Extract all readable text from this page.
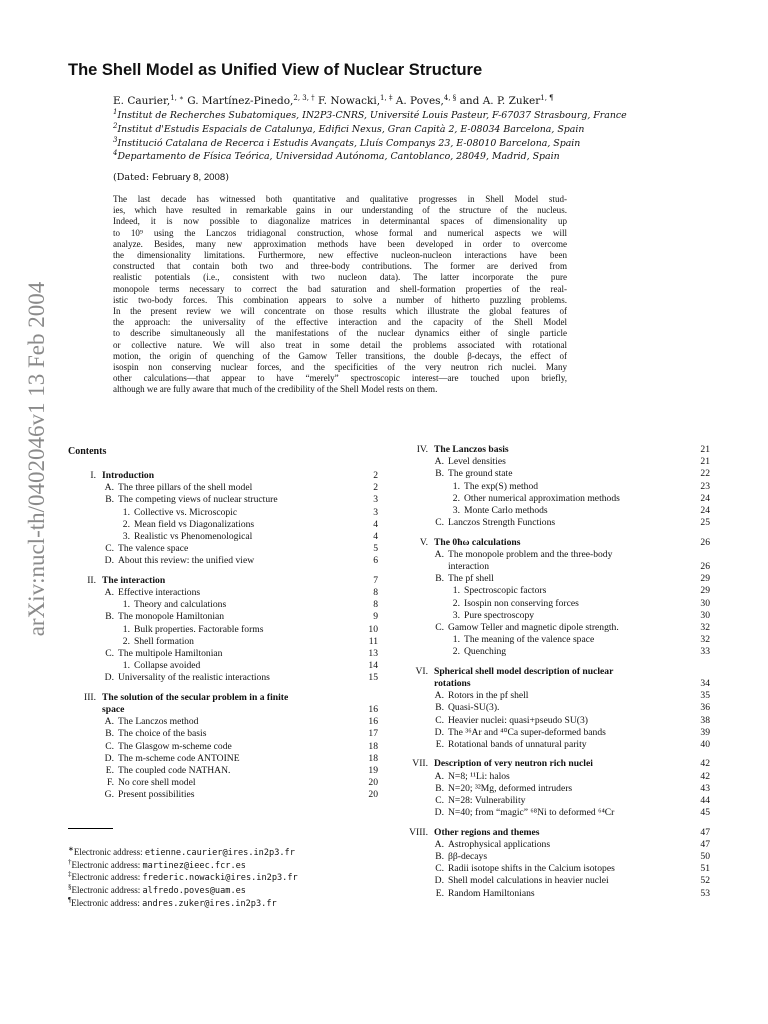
arXiv:nucl-th/0402046v1 13 Feb 2004
The Shell Model as Unified View of Nuclear Structure
E. Caurier,$^{1, ∗}$ G. Martínez-Pinedo,$^{2, 3, \dagger}$ F. Nowacki,$^{1, \ddagger}$ A. Poves,$^{4, \S}$ and A. P. Zuker$^{1, \P}$
$^1$Institut de Recherches Subatomiques, IN2P3-CNRS, Université Louis Pasteur, F-67037 Strasbourg, France
$^2$Institut d'Estudis Espacials de Catalunya, Edifici Nexus, Gran Capità 2, E-08034 Barcelona, Spain
$^3$Institució Catalana de Recerca i Estudis Avançats, Lluís Companys 23, E-08010 Barcelona, Spain
$^4$Departamento de Física Teórica, Universidad Autónoma, Cantoblanco, 28049, Madrid, Spain
(Dated: February 8, 2008)
The last decade has witnessed both quantitative and qualitative progresses in Shell Model stud-
ies, which have resulted in remarkable gains in our understanding of the structure of the nucleus.
Indeed, it is now possible to diagonalize matrices in determinantal spaces of dimensionality up
to 10⁹ using the Lanczos tridiagonal construction, whose formal and numerical aspects we will
analyze. Besides, many new approximation methods have been developed in order to overcome
the dimensionality limitations. Furthermore, new effective nucleon-nucleon interactions have been
constructed that contain both two and three-body contributions. The former are derived from
realistic potentials (i.e., consistent with two nucleon data). The latter incorporate the pure
monopole terms necessary to correct the bad saturation and shell-formation properties of the real-
istic two-body forces. This combination appears to solve a number of hitherto puzzling problems.
In the present review we will concentrate on those results which illustrate the global features of
the approach: the universality of the effective interaction and the capacity of the Shell Model
to describe simultaneously all the manifestations of the nuclear dynamics either of single particle
or collective nature. We will also treat in some detail the problems associated with rotational
motion, the origin of quenching of the Gamow Teller transitions, the double β-decays, the effect of
isospin non conserving nuclear forces, and the specificities of the very neutron rich nuclei. Many
other calculations—that appear to have “merely” spectroscopic interest—are touched upon briefly,
although we are fully aware that much of the credibility of the Shell Model rests on them.
Contents
I. Introduction	2
A. The three pillars of the shell model	2
B. The competing views of nuclear structure	3
1. Collective vs. Microscopic	3
2. Mean field vs Diagonalizations	4
3. Realistic vs Phenomenological	4
C. The valence space	5
D. About this review: the unified view	6
II. The interaction	7
A. Effective interactions	8
1. Theory and calculations	8
B. The monopole Hamiltonian	9
1. Bulk properties. Factorable forms	10
2. Shell formation	11
C. The multipole Hamiltonian	13
1. Collapse avoided	14
D. Universality of the realistic interactions	15
III. The solution of the secular problem in a finite
space	16
A. The Lanczos method	16
B. The choice of the basis	17
C. The Glasgow m-scheme code	18
D. The m-scheme code ANTOINE	18
E. The coupled code NATHAN.	19
F. No core shell model	20
G. Present possibilities	20
IV. The Lanczos basis	21
A. Level densities	21
B. The ground state	22
1. The exp(S) method	23
2. Other numerical approximation methods	24
3. Monte Carlo methods	24
C. Lanczos Strength Functions	25
V. The 0ħω calculations	26
A. The monopole problem and the three-body
interaction	26
B. The pf shell	29
1. Spectroscopic factors	29
2. Isospin non conserving forces	30
3. Pure spectroscopy	30
C. Gamow Teller and magnetic dipole strength.	32
1. The meaning of the valence space	32
2. Quenching	33
VI. Spherical shell model description of nuclear
rotations	34
A. Rotors in the pf shell	35
B. Quasi-SU(3).	36
C. Heavier nuclei: quasi+pseudo SU(3)	38
D. The ³⁶Ar and ⁴⁰Ca super-deformed bands	39
E. Rotational bands of unnatural parity	40
VII. Description of very neutron rich nuclei	42
A. N=8; ¹¹Li: halos	42
B. N=20; ³²Mg, deformed intruders	43
C. N=28: Vulnerability	44
D. N=40; from “magic” ⁶⁸Ni to deformed ⁶⁴Cr	45
VIII. Other regions and themes	47
A. Astrophysical applications	47
B. ββ-decays	50
C. Radii isotope shifts in the Calcium isotopes	51
D. Shell model calculations in heavier nuclei	52
E. Random Hamiltonians	53
∗Electronic address: etienne.caurier@ires.in2p3.fr
†Electronic address: martinez@ieec.fcr.es
‡Electronic address: frederic.nowacki@ires.in2p3.fr
§Electronic address: alfredo.poves@uam.es
¶Electronic address: andres.zuker@ires.in2p3.fr
